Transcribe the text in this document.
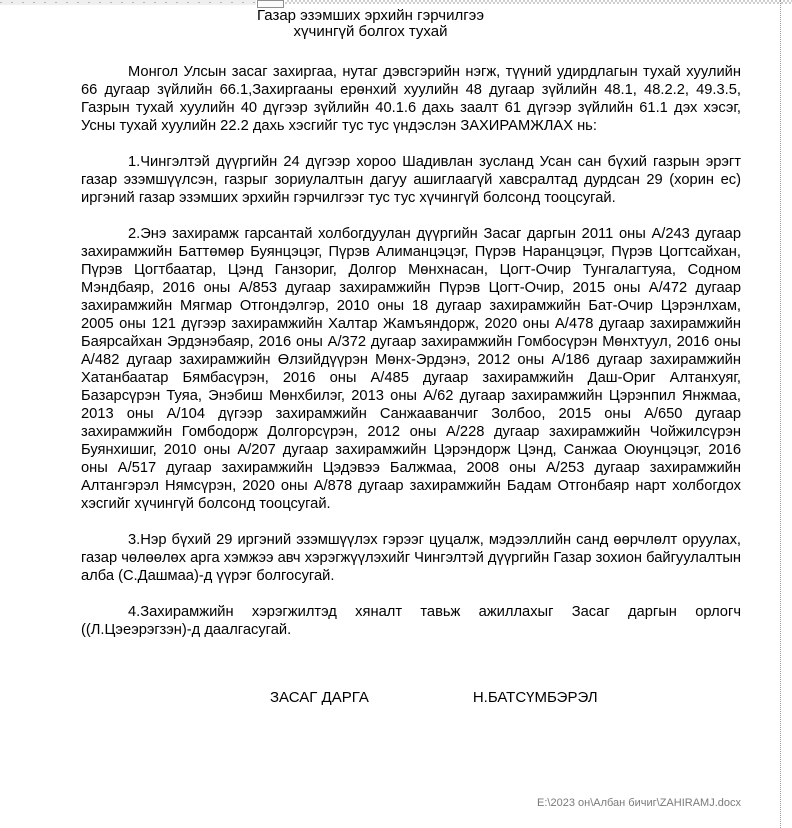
Газар эзэмших эрхийн гэрчилгээ
хүчингүй болгох тухай

Монгол Улсын засаг захиргаа, нутаг дэвсгэрийн нэгж, түүний удирдлагын тухай хуулийн 66 дугаар зүйлийн 66.1,Захиргааны ерөнхий хуулийн 48 дугаар зүйлийн 48.1, 48.2.2, 49.3.5, Газрын тухай хуулийн 40 дүгээр зүйлийн 40.1.6 дахь заалт 61 дүгээр зүйлийн 61.1 дэх хэсэг, Усны тухай хуулийн 22.2 дахь хэсгийг тус тус үндэслэн ЗАХИРАМЖЛАХ нь:

1.Чингэлтэй дүүргийн 24 дүгээр хороо Шадивлан зусланд Усан сан бүхий газрын эрэгт газар эзэмшүүлсэн, газрыг зориулалтын дагуу ашиглаагүй хавсралтад дурдсан 29 (хорин ес) иргэний газар эзэмших эрхийн гэрчилгээг тус тус хүчингүй болсонд тооцсугай.

2.Энэ захирамж гарсантай холбогдуулан дүүргийн Засаг даргын 2011 оны А/243 дугаар захирамжийн Баттөмөр Буянцэцэг, Пүрэв Алиманцэцэг, Пүрэв Наранцэцэг, Пүрэв Цогтсайхан, Пүрэв Цогтбаатар, Цэнд Ганзориг, Долгор Мөнхнасан, Цогт-Очир Тунгалагтуяа, Содном Мэндбаяр, 2016 оны А/853 дугаар захирамжийн Пүрэв Цогт-Очир, 2015 оны А/472 дугаар захирамжийн Мягмар Отгондэлгэр, 2010 оны 18 дугаар захирамжийн Бат-Очир Цэрэнлхам, 2005 оны 121 дүгээр захирамжийн Халтар Жамъяндорж, 2020 оны А/478 дугаар захирамжийн Баярсайхан Эрдэнэбаяр, 2016 оны А/372 дугаар захирамжийн Гомбосүрэн Мөнхтуул, 2016 оны А/482 дугаар захирамжийн Өлзийдүүрэн Мөнх-Эрдэнэ, 2012 оны А/186 дугаар захирамжийн Хатанбаатар Бямбасүрэн, 2016 оны А/485 дугаар захирамжийн Даш-Ориг Алтанхуяг, Базарсүрэн Туяа, Энэбиш Мөнхбилэг, 2013 оны А/62 дугаар захирамжийн Цэрэнпил Янжмаа, 2013 оны А/104 дүгээр захирамжийн Санжааванчиг Золбоо, 2015 оны А/650 дугаар захирамжийн Гомбодорж Долгорсүрэн, 2012 оны А/228 дугаар захирамжийн Чойжилсүрэн Буянхишиг, 2010 оны А/207 дугаар захирамжийн Цэрэндорж Цэнд, Санжаа Оюунцэцэг, 2016 оны А/517 дугаар захирамжийн Цэдэвээ Балжмаа, 2008 оны А/253 дугаар захирамжийн Алтангэрэл Нямсүрэн, 2020 оны А/878 дугаар захирамжийн Бадам Отгонбаяр нарт холбогдох хэсгийг хүчингүй болсонд тооцсугай.

3.Нэр бүхий 29 иргэний эзэмшүүлэх гэрээг цуцалж, мэдээллийн санд өөрчлөлт оруулах, газар чөлөөлөх арга хэмжээ авч хэрэгжүүлэхийг Чингэлтэй дүүргийн Газар зохион байгуулалтын алба (С.Дашмаа)-д үүрэг болгосугай.

4.Захирамжийн хэрэгжилтэд хяналт тавьж ажиллахыг Засаг даргын орлогч ((Л.Цэеэрэгзэн)-д даалгасугай.

ЗАСАГ ДАРГА	Н.БАТСҮМБЭРЭЛ
E:\2023 он\Албан бичиг\ZAHIRAMJ.docx
